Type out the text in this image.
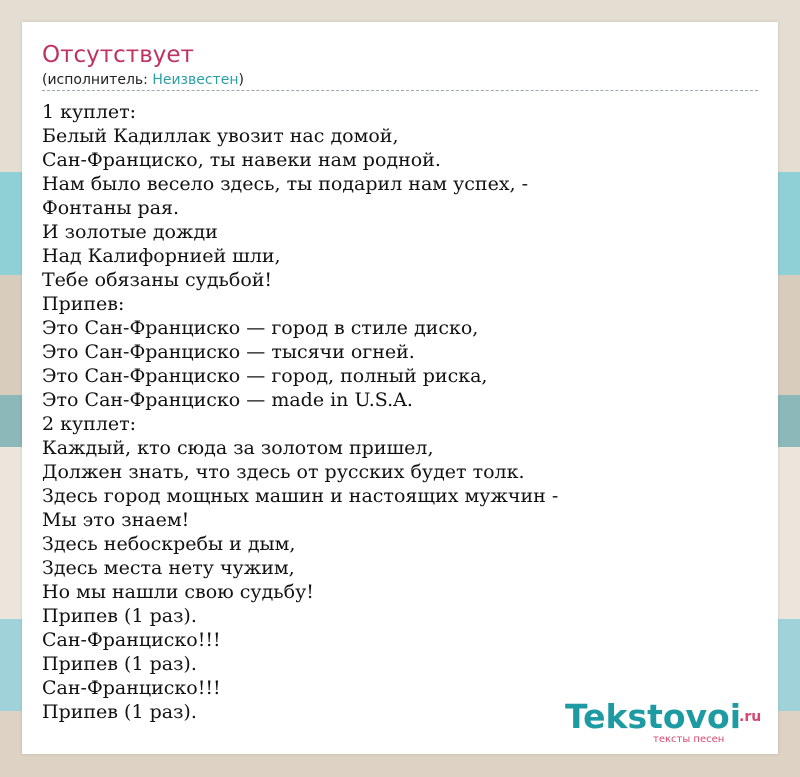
Отсутствует
(исполнитель: Неизвестен)
1 куплет:
Белый Кадиллак увозит нас домой,
Сан-Франциско, ты навеки нам родной.
Нам было весело здесь, ты подарил нам успех, -
Фонтаны рая.
И золотые дожди
Над Калифорнией шли,
Тебе обязаны судьбой!
Припев:
Это Сан-Франциско — город в стиле диско,
Это Сан-Франциско — тысячи огней.
Это Сан-Франциско — город, полный риска,
Это Сан-Франциско — made in U.S.A.
2 куплет:
Каждый, кто сюда за золотом пришел,
Должен знать, что здесь от русских будет толк.
Здесь город мощных машин и настоящих мужчин -
Мы это знаем!
Здесь небоскребы и дым,
Здесь места нету чужим,
Но мы нашли свою судьбу!
Припев (1 раз).
Сан-Франциско!!!
Припев (1 раз).
Сан-Франциско!!!
Припев (1 раз).	Tekstovoi
.ru
тексты песен
